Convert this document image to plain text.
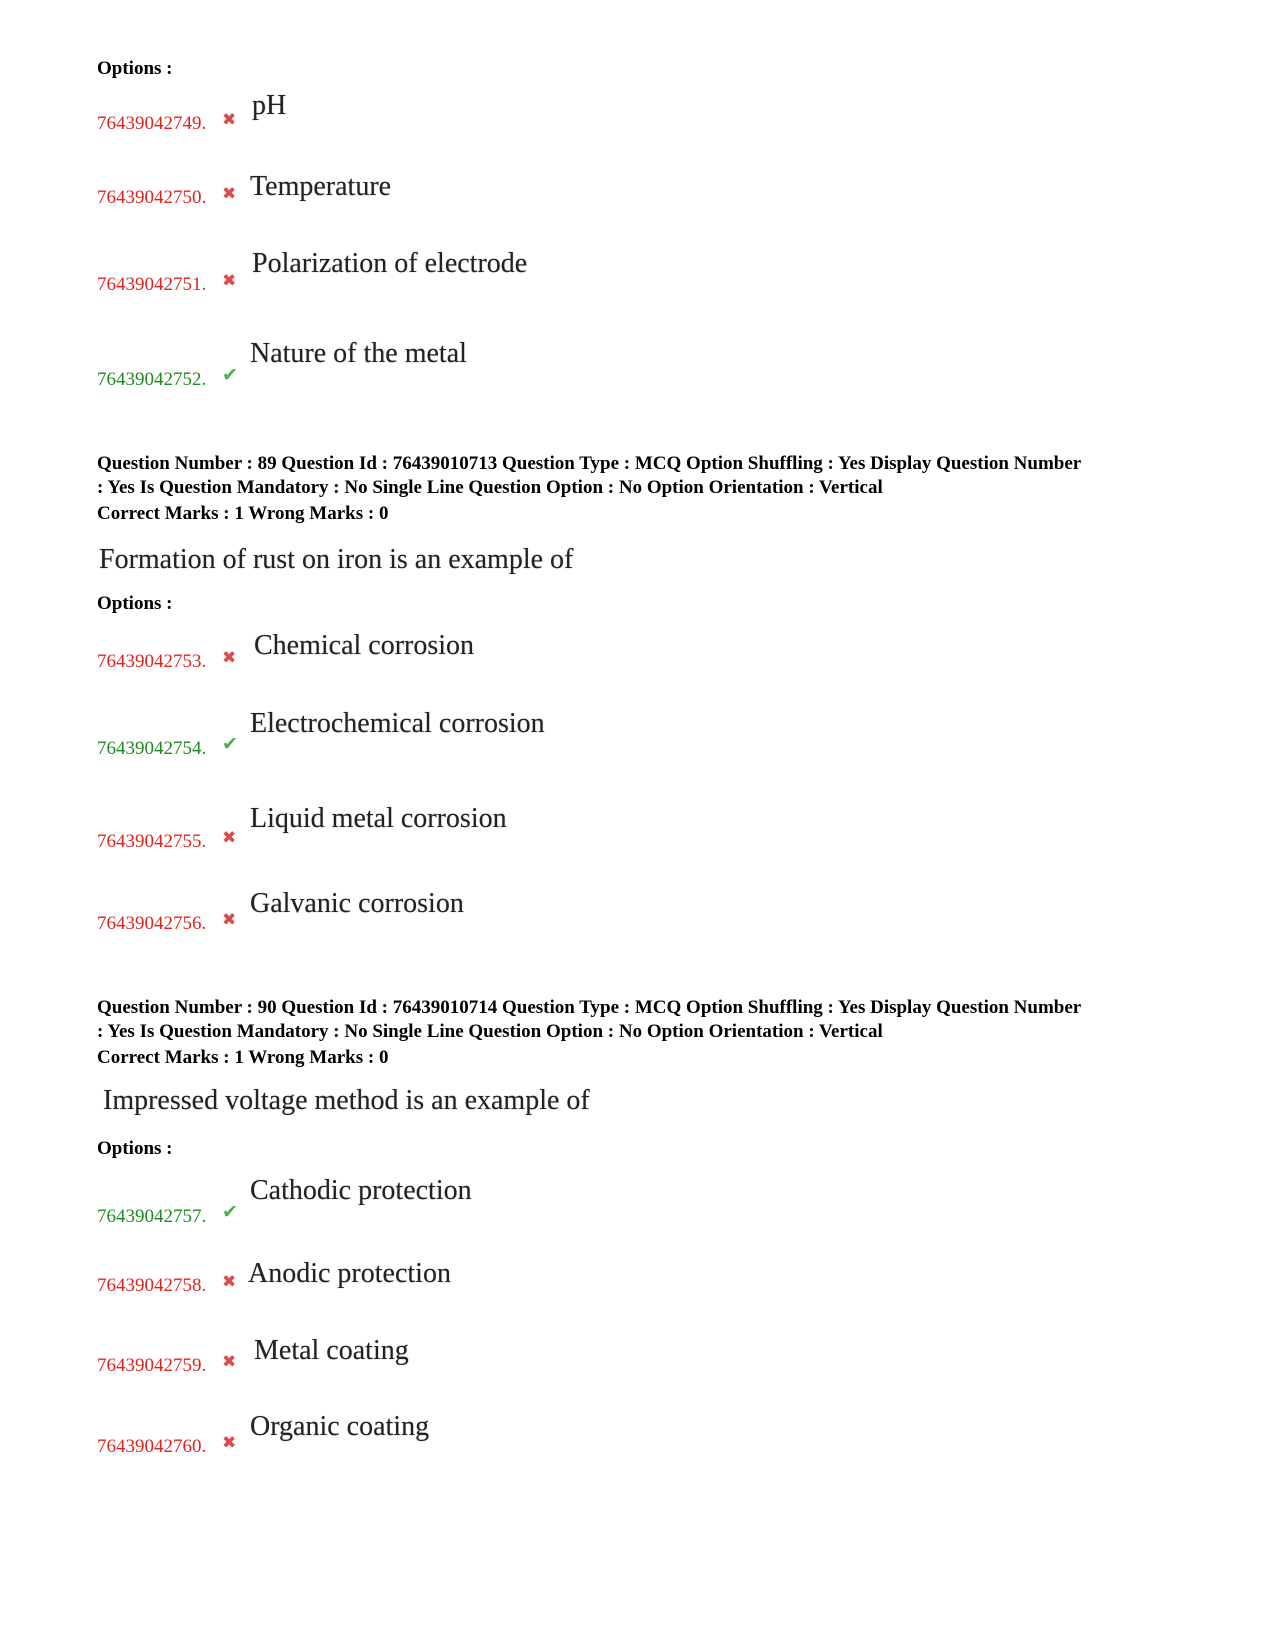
Options :
76439042749. ✖ pH
76439042750. ✖ Temperature
76439042751. ✖
Polarization of electrode
76439042752. ✔
Nature of the metal
Question Number : 89 Question Id : 76439010713 Question Type : MCQ Option Shuffling : Yes Display Question Number
: Yes Is Question Mandatory : No Single Line Question Option : No Option Orientation : Vertical
Correct Marks : 1 Wrong Marks : 0
Formation of rust on iron is an example of
Options :
76439042753. ✖ Chemical corrosion
76439042754. ✔
Electrochemical corrosion
76439042755. ✖
Liquid metal corrosion
76439042756. ✖
Galvanic corrosion
Question Number : 90 Question Id : 76439010714 Question Type : MCQ Option Shuffling : Yes Display Question Number
: Yes Is Question Mandatory : No Single Line Question Option : No Option Orientation : Vertical
Correct Marks : 1 Wrong Marks : 0
Impressed voltage method is an example of
Options :
76439042757. ✔
Cathodic protection
76439042758. ✖ Anodic protection
76439042759. ✖ Metal coating
76439042760. ✖
Organic coating
